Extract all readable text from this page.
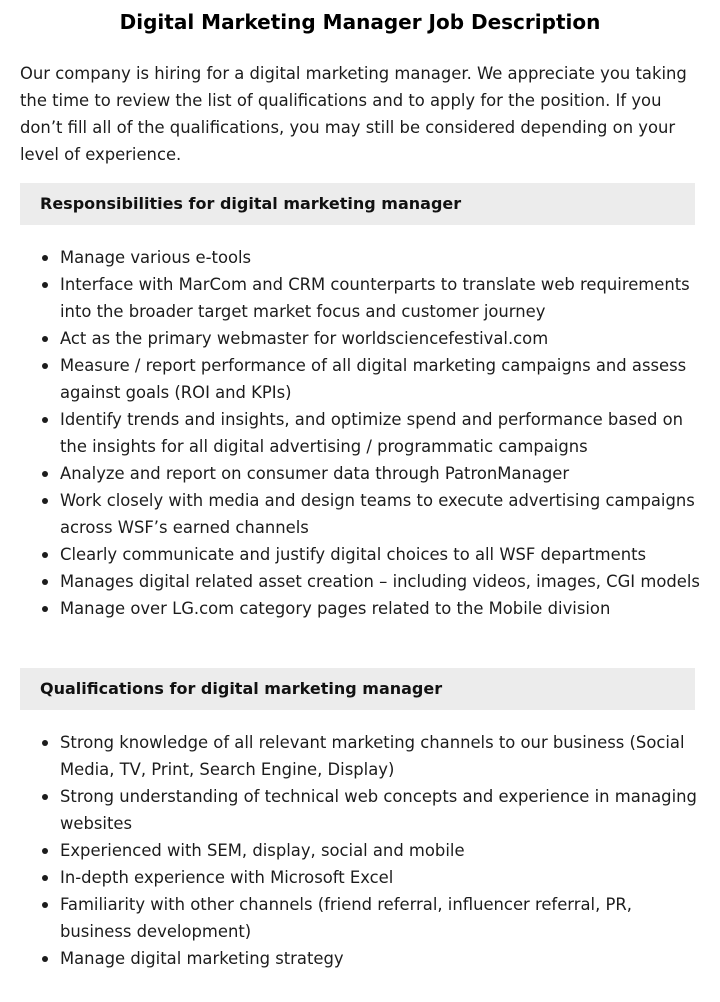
Digital Marketing Manager Job Description

Our company is hiring for a digital marketing manager. We appreciate you taking the time to review the list of qualifications and to apply for the position. If you don’t fill all of the qualifications, you may still be considered depending on your level of experience.

Responsibilities for digital marketing manager
Manage various e-tools
Interface with MarCom and CRM counterparts to translate web requirements into the broader target market focus and customer journey
Act as the primary webmaster for worldsciencefestival.com
Measure / report performance of all digital marketing campaigns and assess against goals (ROI and KPIs)
Identify trends and insights, and optimize spend and performance based on the insights for all digital advertising / programmatic campaigns
Analyze and report on consumer data through PatronManager
Work closely with media and design teams to execute advertising campaigns across WSF’s earned channels
Clearly communicate and justify digital choices to all WSF departments
Manages digital related asset creation – including videos, images, CGI models
Manage over LG.com category pages related to the Mobile division
Qualifications for digital marketing manager
Strong knowledge of all relevant marketing channels to our business (Social Media, TV, Print, Search Engine, Display)
Strong understanding of technical web concepts and experience in managing websites
Experienced with SEM, display, social and mobile
In-depth experience with Microsoft Excel
Familiarity with other channels (friend referral, influencer referral, PR, business development)
Manage digital marketing strategy
